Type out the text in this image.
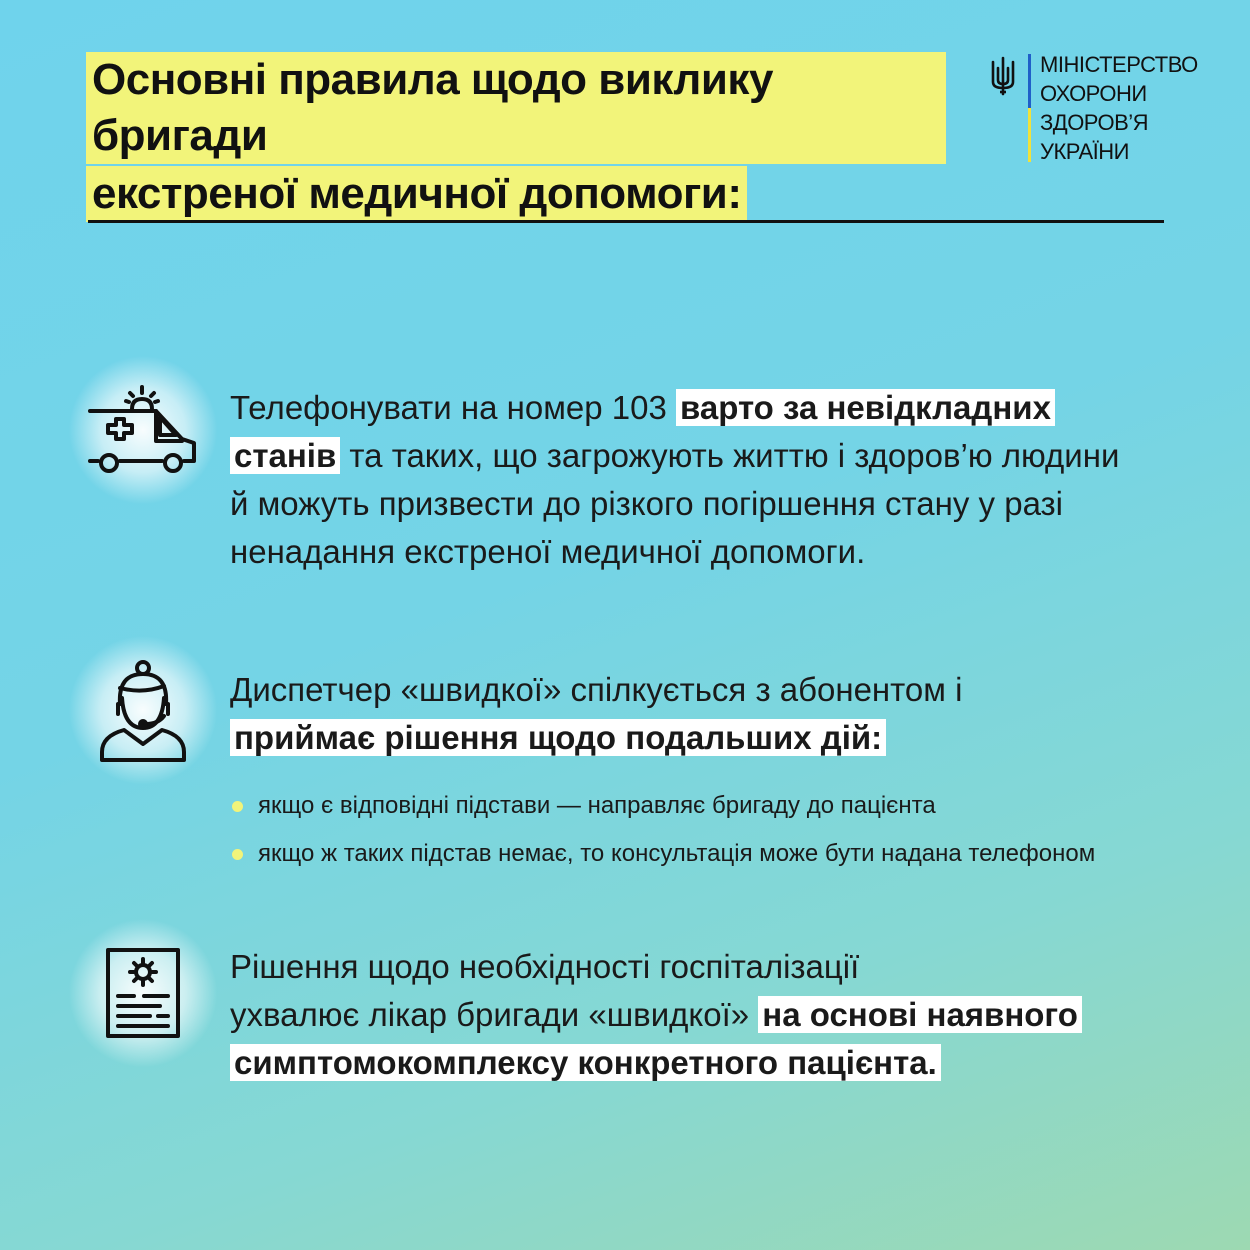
Основні правила щодо виклику бригади
екстреної медичної допомоги:
МІНІСТЕРСТВО
ОХОРОНИ
ЗДОРОВ’Я
УКРАЇНИ
Телефонувати на номер 103 варто за невідкладних
станів та таких, що загрожують життю і здоров’ю людини й можуть призвести до різкого погіршення стану у разі ненадання екстреної медичної допомоги.
Диспетчер «швидкої» спілкується з абонентом і
приймає рішення щодо подальших дій:
якщо є відповідні підстави — направляє бригаду до пацієнта
якщо ж таких підстав немає, то консультація може бути надана телефоном
Рішення щодо необхідності госпіталізації
ухвалює лікар бригади «швидкої» на основі наявного
симптомокомплексу конкретного пацієнта.
